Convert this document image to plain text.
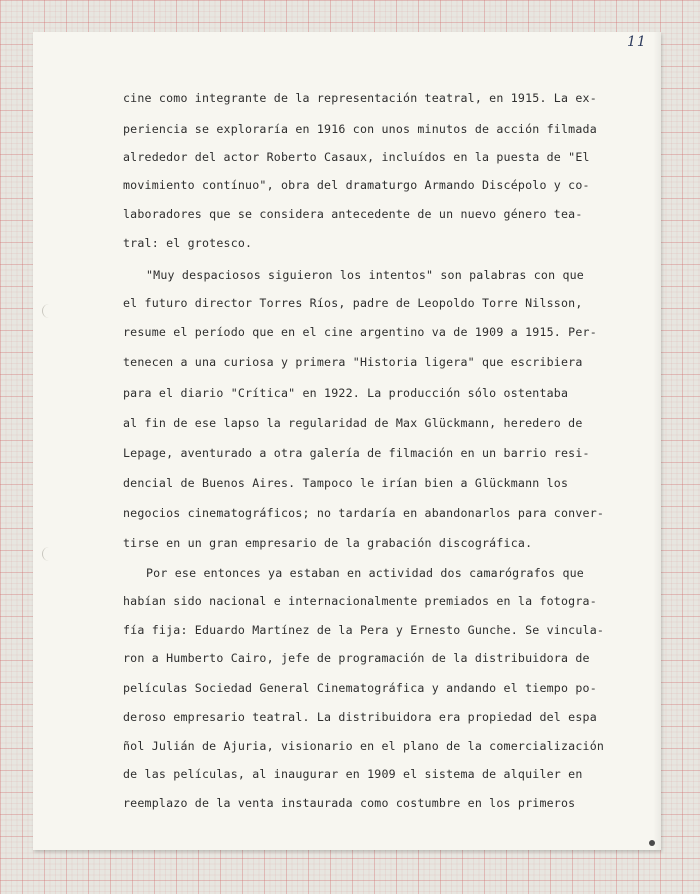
11
cine como integrante de la representación teatral, en 1915. La ex-
periencia se exploraría en 1916 con unos minutos de acción filmada
alrededor del actor Roberto Casaux, incluídos en la puesta de "El
movimiento contínuo", obra del dramaturgo Armando Discépolo y co-
laboradores que se considera antecedente de un nuevo género tea-
tral: el grotesco.
"Muy despaciosos siguieron los intentos" son palabras con que
el futuro director Torres Ríos, padre de Leopoldo Torre Nilsson,
resume el período que en el cine argentino va de 1909 a 1915. Per-
tenecen a una curiosa y primera "Historia ligera" que escribiera
para el diario "Crítica" en 1922. La producción sólo ostentaba
al fin de ese lapso la regularidad de Max Glückmann, heredero de
Lepage, aventurado a otra galería de filmación en un barrio resi-
dencial de Buenos Aires. Tampoco le irían bien a Glückmann los
negocios cinematográficos; no tardaría en abandonarlos para conver-
tirse en un gran empresario de la grabación discográfica.
Por ese entonces ya estaban en actividad dos camarógrafos que
habían sido nacional e internacionalmente premiados en la fotogra-
fía fija: Eduardo Martínez de la Pera y Ernesto Gunche. Se vincula-
ron a Humberto Cairo, jefe de programación de la distribuidora de
películas Sociedad General Cinematográfica y andando el tiempo po-
deroso empresario teatral. La distribuidora era propiedad del espa
ñol Julián de Ajuria, visionario en el plano de la comercialización
de las películas, al inaugurar en 1909 el sistema de alquiler en
reemplazo de la venta instaurada como costumbre en los primeros
